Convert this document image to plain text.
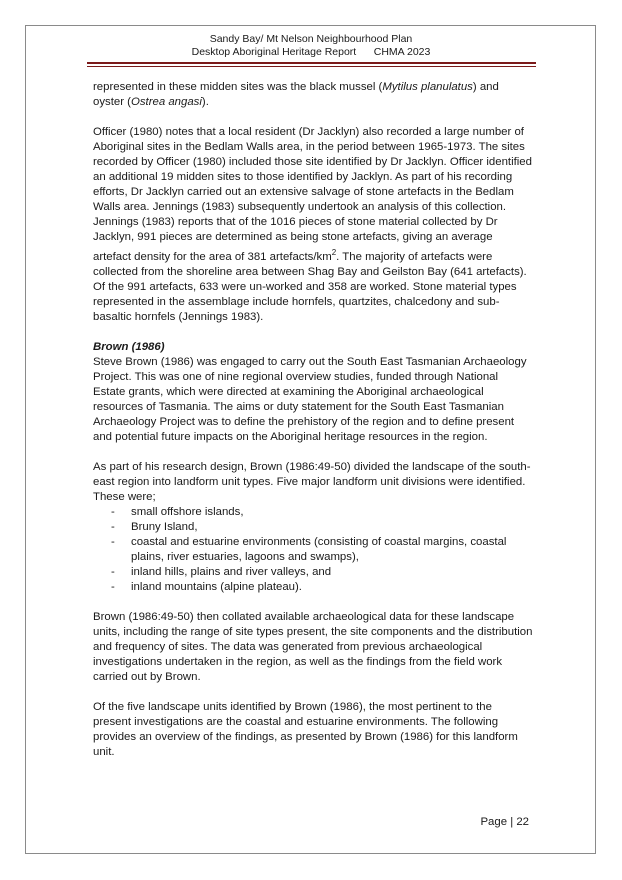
Sandy Bay/ Mt Nelson Neighbourhood Plan
Desktop Aboriginal Heritage Report CHMA 2023

represented in these midden sites was the black mussel (Mytilus planulatus) and oyster (Ostrea angasi).

Officer (1980) notes that a local resident (Dr Jacklyn) also recorded a large number of Aboriginal sites in the Bedlam Walls area, in the period between 1965-1973. The sites recorded by Officer (1980) included those site identified by Dr Jacklyn. Officer identified an additional 19 midden sites to those identified by Jacklyn. As part of his recording efforts, Dr Jacklyn carried out an extensive salvage of stone artefacts in the Bedlam Walls area. Jennings (1983) subsequently undertook an analysis of this collection. Jennings (1983) reports that of the 1016 pieces of stone material collected by Dr Jacklyn, 991 pieces are determined as being stone artefacts, giving an average artefact density for the area of 381 artefacts/$km^2$. The majority of artefacts were collected from the shoreline area between Shag Bay and Geilston Bay (641 artefacts). Of the 991 artefacts, 633 were un-worked and 358 are worked. Stone material types represented in the assemblage include hornfels, quartzites, chalcedony and sub-basaltic hornfels (Jennings 1983).

Brown (1986)

Steve Brown (1986) was engaged to carry out the South East Tasmanian Archaeology Project. This was one of nine regional overview studies, funded through National Estate grants, which were directed at examining the Aboriginal archaeological resources of Tasmania. The aims or duty statement for the South East Tasmanian Archaeology Project was to define the prehistory of the region and to define present and potential future impacts on the Aboriginal heritage resources in the region.

As part of his research design, Brown (1986:49-50) divided the landscape of the south-east region into landform unit types. Five major landform unit divisions were identified. These were;

- small offshore islands,
- Bruny Island,
- coastal and estuarine environments (consisting of coastal margins, coastal plains, river estuaries, lagoons and swamps),
- inland hills, plains and river valleys, and
- inland mountains (alpine plateau).

Brown (1986:49-50) then collated available archaeological data for these landscape units, including the range of site types present, the site components and the distribution and frequency of sites. The data was generated from previous archaeological investigations undertaken in the region, as well as the findings from the field work carried out by Brown.

Of the five landscape units identified by Brown (1986), the most pertinent to the present investigations are the coastal and estuarine environments. The following provides an overview of the findings, as presented by Brown (1986) for this landform unit.

Page | 22
